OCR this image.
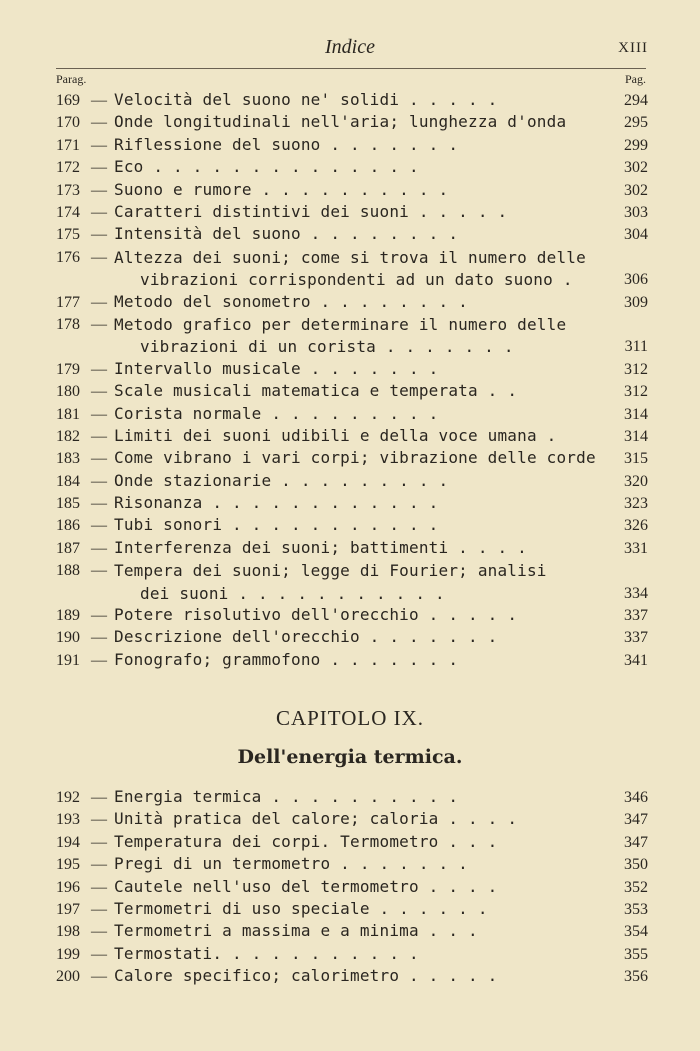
Indice	XIII
Parag.	Pag.
169 — Velocità del suono ne' solidi . . . . .	294
170 — Onde longitudinali nell'aria; lunghezza d'onda	295
171 — Riflessione del suono . . . . . . .	299
172 — Eco . . . . . . . . . . . . . .	302
173 — Suono e rumore . . . . . . . . . .	302
174 — Caratteri distintivi dei suoni . . . . .	303
175 — Intensità del suono . . . . . . . .	304
176 — Altezza dei suoni; come si trova il numero delle
vibrazioni corrispondenti ad un dato suono .	306
177 — Metodo del sonometro . . . . . . . .	309
178 — Metodo grafico per determinare il numero delle
vibrazioni di un corista . . . . . . .	311
179 — Intervallo musicale . . . . . . .	312
180 — Scale musicali matematica e temperata . .	312
181 — Corista normale . . . . . . . . .	314
182 — Limiti dei suoni udibili e della voce umana .	314
183 — Come vibrano i vari corpi; vibrazione delle corde	315
184 — Onde stazionarie . . . . . . . . .	320
185 — Risonanza . . . . . . . . . . . .	323
186 — Tubi sonori . . . . . . . . . . .	326
187 — Interferenza dei suoni; battimenti . . . .	331
188 — Tempera dei suoni; legge di Fourier; analisi
dei suoni . . . . . . . . . . .	334
189 — Potere risolutivo dell'orecchio . . . . .	337
190 — Descrizione dell'orecchio . . . . . . .	337
191 — Fonografo; grammofono . . . . . . .	341
CAPITOLO IX.
Dell'energia termica.
192 — Energia termica . . . . . . . . . .	346
193 — Unità pratica del calore; caloria . . . .	347
194 — Temperatura dei corpi. Termometro . . .	347
195 — Pregi di un termometro . . . . . . .	350
196 — Cautele nell'uso del termometro . . . .	352
197 — Termometri di uso speciale . . . . . .	353
198 — Termometri a massima e a minima . . .	354
199 — Termostati. . . . . . . . . . .	355
200 — Calore specifico; calorimetro . . . . .	356
